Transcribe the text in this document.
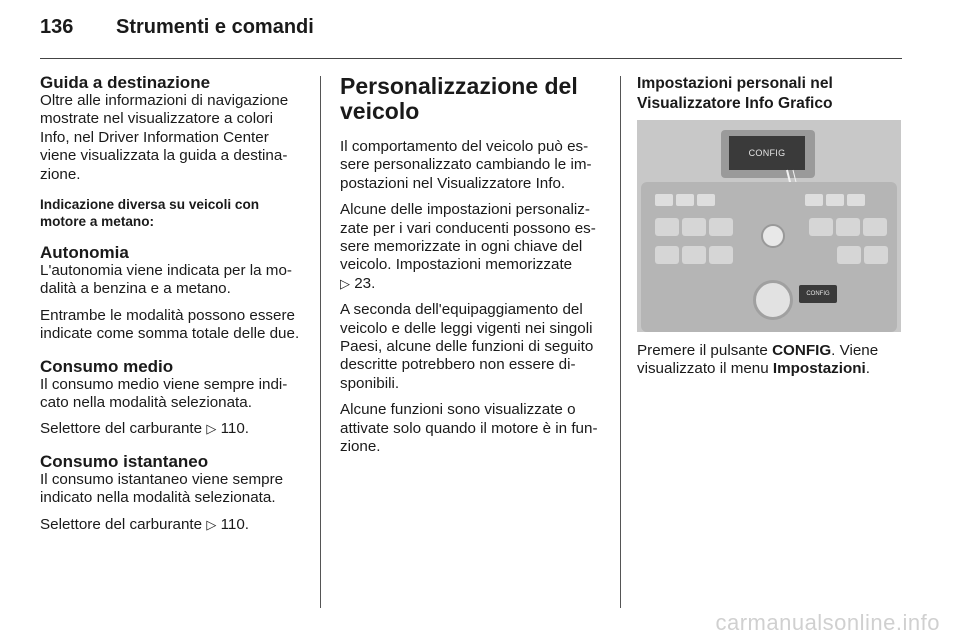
136	Strumenti e comandi
Guida a destinazione

Oltre alle informazioni di navigazione mostrate nel visualizzatore a colori Info, nel Driver Information Center viene visualizzata la guida a destinazione.

Indicazione diversa su veicoli con motore a metano:
Autonomia

L'autonomia viene indicata per la modalità a benzina e a metano.

Entrambe le modalità possono essere indicate come somma totale delle due.

Consumo medio

Il consumo medio viene sempre indicato nella modalità selezionata.

Selettore del carburante ▷ 110.

Consumo istantaneo

Il consumo istantaneo viene sempre indicato nella modalità selezionata.

Selettore del carburante ▷ 110.

Personalizzazione del veicolo

Il comportamento del veicolo può essere personalizzato cambiando le impostazioni nel Visualizzatore Info.

Alcune delle impostazioni personalizzate per i vari conducenti possono essere memorizzate in ogni chiave del veicolo. Impostazioni memorizzate
▷ 23.

A seconda dell'equipaggiamento del veicolo e delle leggi vigenti nei singoli Paesi, alcune delle funzioni di seguito descritte potrebbero non essere disponibili.

Alcune funzioni sono visualizzate o attivate solo quando il motore è in funzione.

Impostazioni personali nel Visualizzatore Info Grafico
CONFIG
CONFIG

Premere il pulsante CONFIG. Viene visualizzato il menu Impostazioni.

carmanualsonline.info
